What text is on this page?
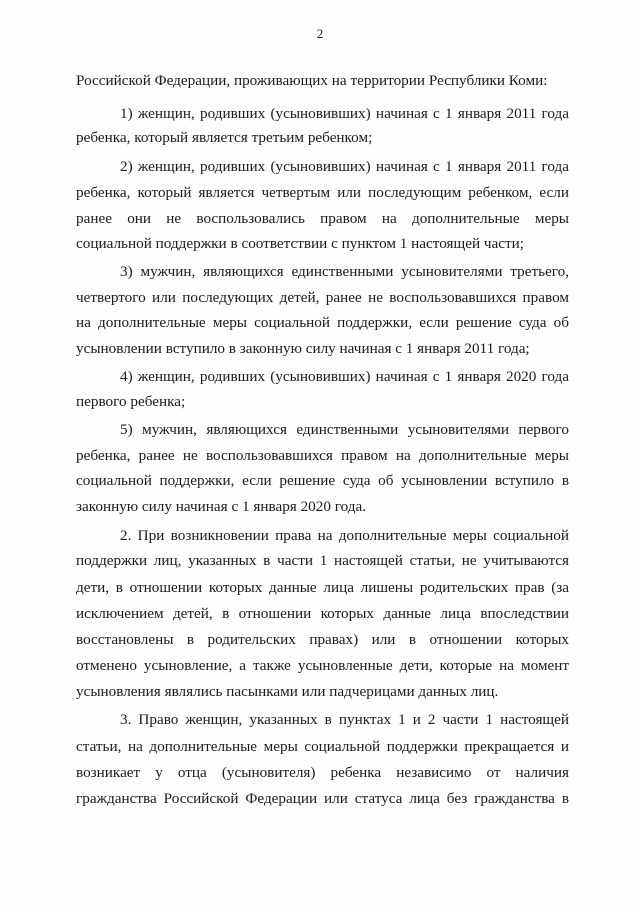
2
Российской Федерации, проживающих на территории Республики Коми:
1) женщин, родивших (усыновивших) начиная с 1 января 2011 года
ребенка, который является третьим ребенком;
2) женщин, родивших (усыновивших) начиная с 1 января 2011 года
ребенка, который является четвертым или последующим ребенком, если
ранее они не воспользовались правом на дополнительные меры
социальной поддержки в соответствии с пунктом 1 настоящей части;
3) мужчин, являющихся единственными усыновителями третьего,
четвертого или последующих детей, ранее не воспользовавшихся правом
на дополнительные меры социальной поддержки, если решение суда об
усыновлении вступило в законную силу начиная с 1 января 2011 года;
4) женщин, родивших (усыновивших) начиная с 1 января 2020 года
первого ребенка;
5) мужчин, являющихся единственными усыновителями первого
ребенка, ранее не воспользовавшихся правом на дополнительные меры
социальной поддержки, если решение суда об усыновлении вступило в
законную силу начиная с 1 января 2020 года.
2. При возникновении права на дополнительные меры социальной
поддержки лиц, указанных в части 1 настоящей статьи, не учитываются
дети, в отношении которых данные лица лишены родительских прав (за
исключением детей, в отношении которых данные лица впоследствии
восстановлены в родительских правах) или в отношении которых
отменено усыновление, а также усыновленные дети, которые на момент
усыновления являлись пасынками или падчерицами данных лиц.
3. Право женщин, указанных в пунктах 1 и 2 части 1 настоящей
статьи, на дополнительные меры социальной поддержки прекращается и
возникает у отца (усыновителя) ребенка независимо от наличия
гражданства Российской Федерации или статуса лица без гражданства в
